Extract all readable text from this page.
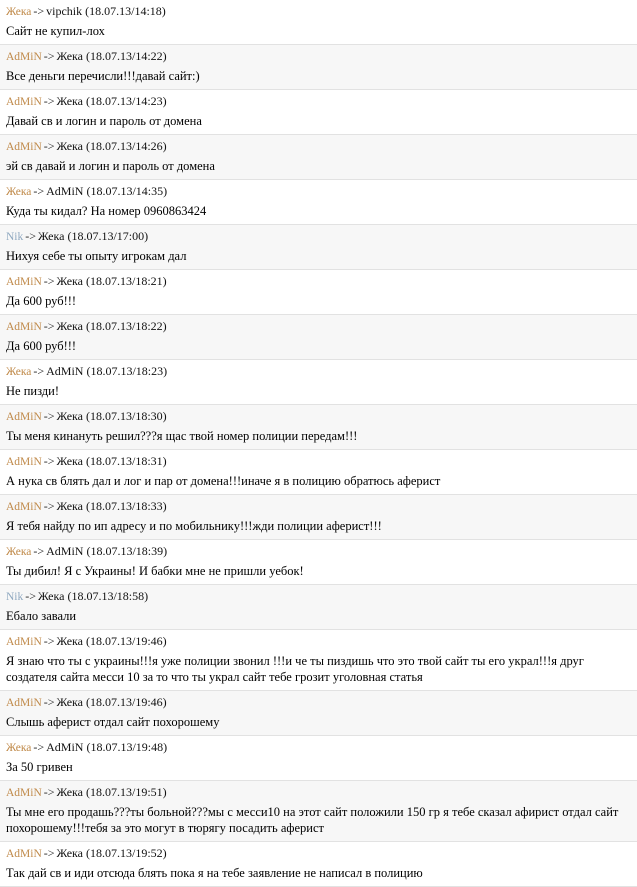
Жека -> vipchik (18.07.13/14:18)
Сайт не купил-лох
AdMiN -> Жека (18.07.13/14:22)
Все деньги перечисли!!!давай сайт:)
AdMiN -> Жека (18.07.13/14:23)
Давай св и логин и пароль от домена
AdMiN -> Жека (18.07.13/14:26)
эй св давай и логин и пароль от домена
Жека -> AdMiN (18.07.13/14:35)
Куда ты кидал? На номер 0960863424
Nik -> Жека (18.07.13/17:00)
Нихуя себе ты опыту игрокам дал
AdMiN -> Жека (18.07.13/18:21)
Да 600 руб!!!
AdMiN -> Жека (18.07.13/18:22)
Да 600 руб!!!
Жека -> AdMiN (18.07.13/18:23)
Не пизди!
AdMiN -> Жека (18.07.13/18:30)
Ты меня кинануть решил???я щас твой номер полиции передам!!!
AdMiN -> Жека (18.07.13/18:31)
А нука св блять дал и лог и пар от домена!!!иначе я в полицию обратюсь аферист
AdMiN -> Жека (18.07.13/18:33)
Я тебя найду по ип адресу и по мобильнику!!!жди полиции аферист!!!
Жека -> AdMiN (18.07.13/18:39)
Ты дибил! Я с Украины! И бабки мне не пришли уебок!
Nik -> Жека (18.07.13/18:58)
Ебало завали
AdMiN -> Жека (18.07.13/19:46)
Я знаю что ты с украины!!!я уже полиции звонил !!!и че ты пиздишь что это твой сайт ты его украл!!!я друг создателя сайта месси 10 за то что ты украл сайт тебе грозит уголовная статья
AdMiN -> Жека (18.07.13/19:46)
Слышь аферист отдал сайт похорошему
Жека -> AdMiN (18.07.13/19:48)
За 50 гривен
AdMiN -> Жека (18.07.13/19:51)
Ты мне его продашь???ты больной???мы с месси10 на этот сайт положили 150 гр я тебе сказал афирист отдал сайт похорошему!!!тебя за это могут в тюрягу посадить аферист
AdMiN -> Жека (18.07.13/19:52)
Так дай св и иди отсюда блять пока я на тебе заявление не написал в полицию
